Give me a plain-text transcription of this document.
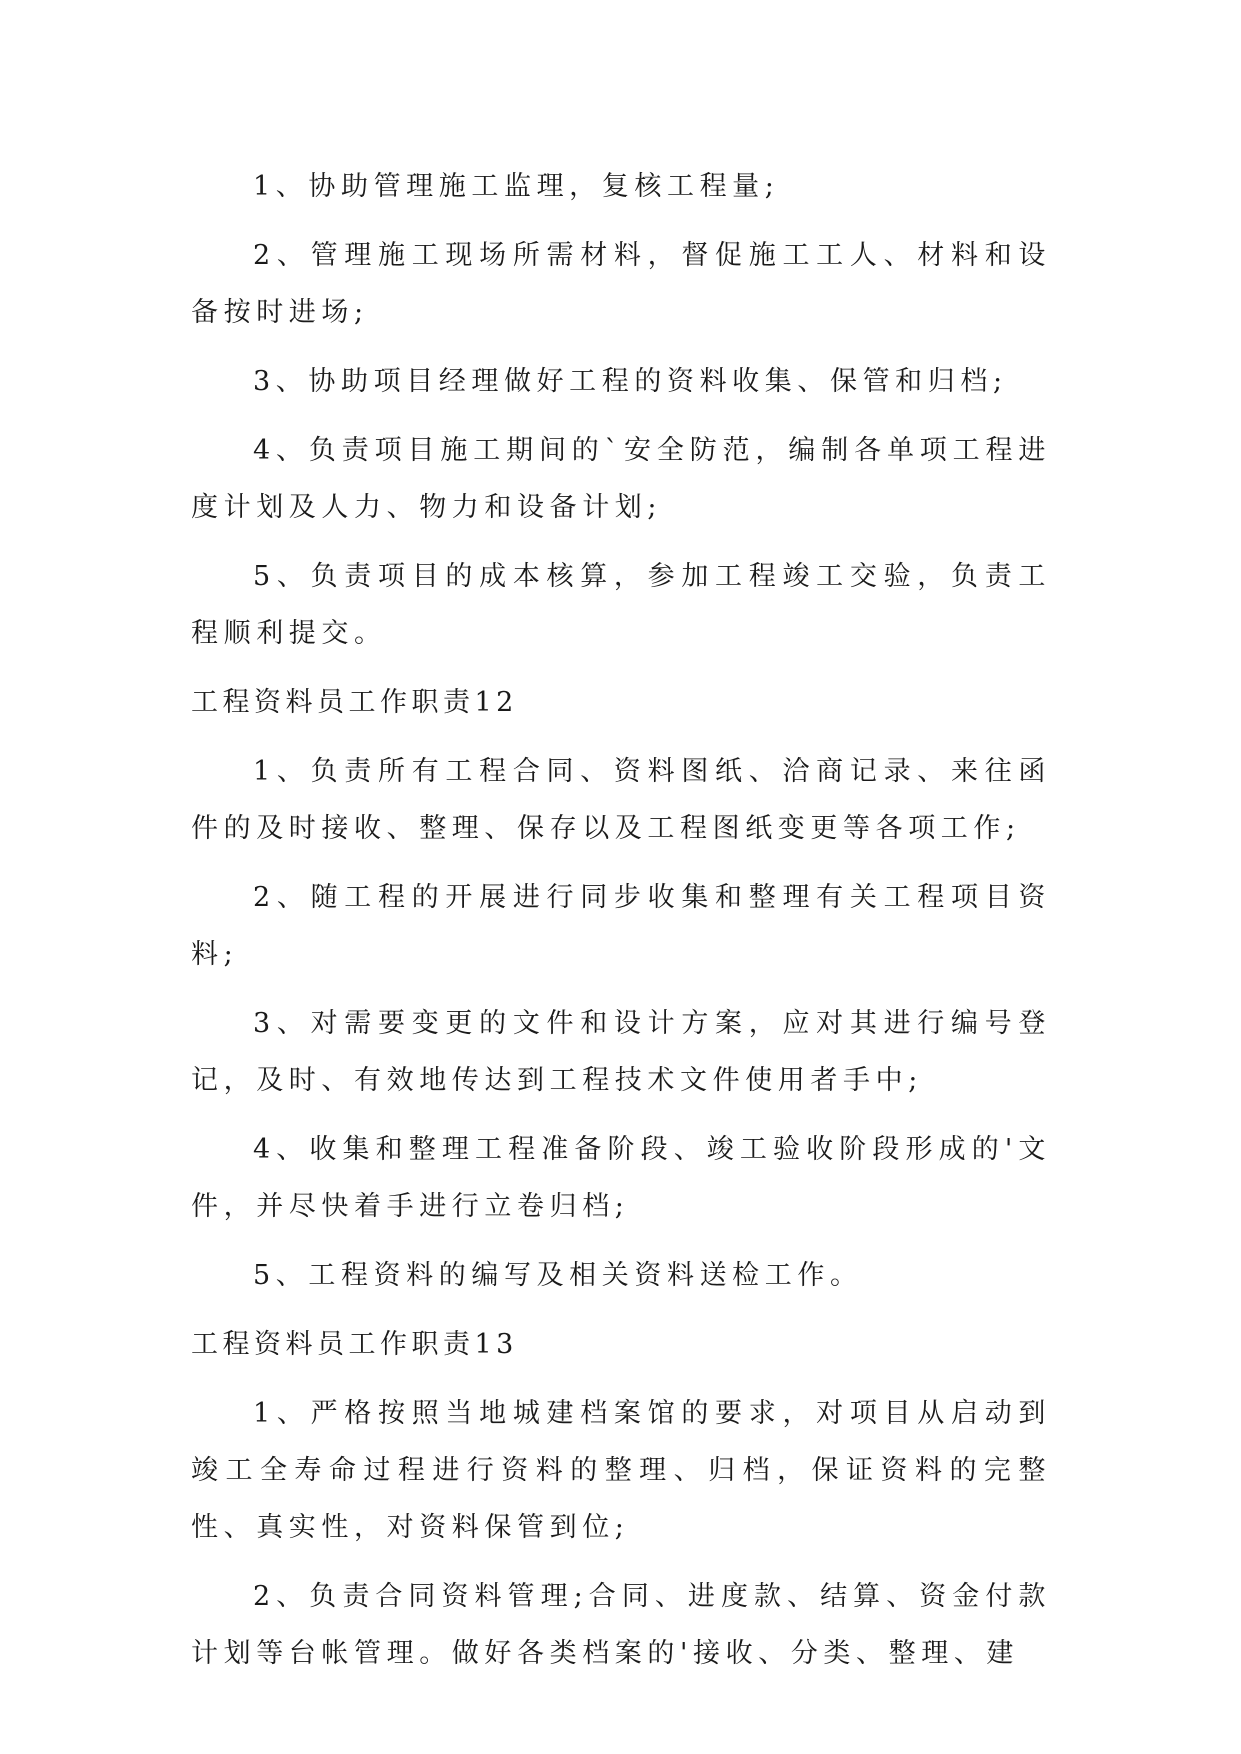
1、协助管理施工监理，复核工程量;

2、管理施工现场所需材料，督促施工工人、材料和设备按时进场;

3、协助项目经理做好工程的资料收集、保管和归档;

4、负责项目施工期间的`安全防范，编制各单项工程进度计划及人力、物力和设备计划;

5、负责项目的成本核算，参加工程竣工交验，负责工程顺利提交。

工程资料员工作职责12

1、负责所有工程合同、资料图纸、洽商记录、来往函件的及时接收、整理、保存以及工程图纸变更等各项工作;

2、随工程的开展进行同步收集和整理有关工程项目资料;

3、对需要变更的文件和设计方案，应对其进行编号登记，及时、有效地传达到工程技术文件使用者手中;

4、收集和整理工程准备阶段、竣工验收阶段形成的'文件，并尽快着手进行立卷归档;

5、工程资料的编写及相关资料送检工作。

工程资料员工作职责13

1、严格按照当地城建档案馆的要求，对项目从启动到竣工全寿命过程进行资料的整理、归档，保证资料的完整性、真实性，对资料保管到位;

2、负责合同资料管理;合同、进度款、结算、资金付款计划等台帐管理。做好各类档案的'接收、分类、整理、建
